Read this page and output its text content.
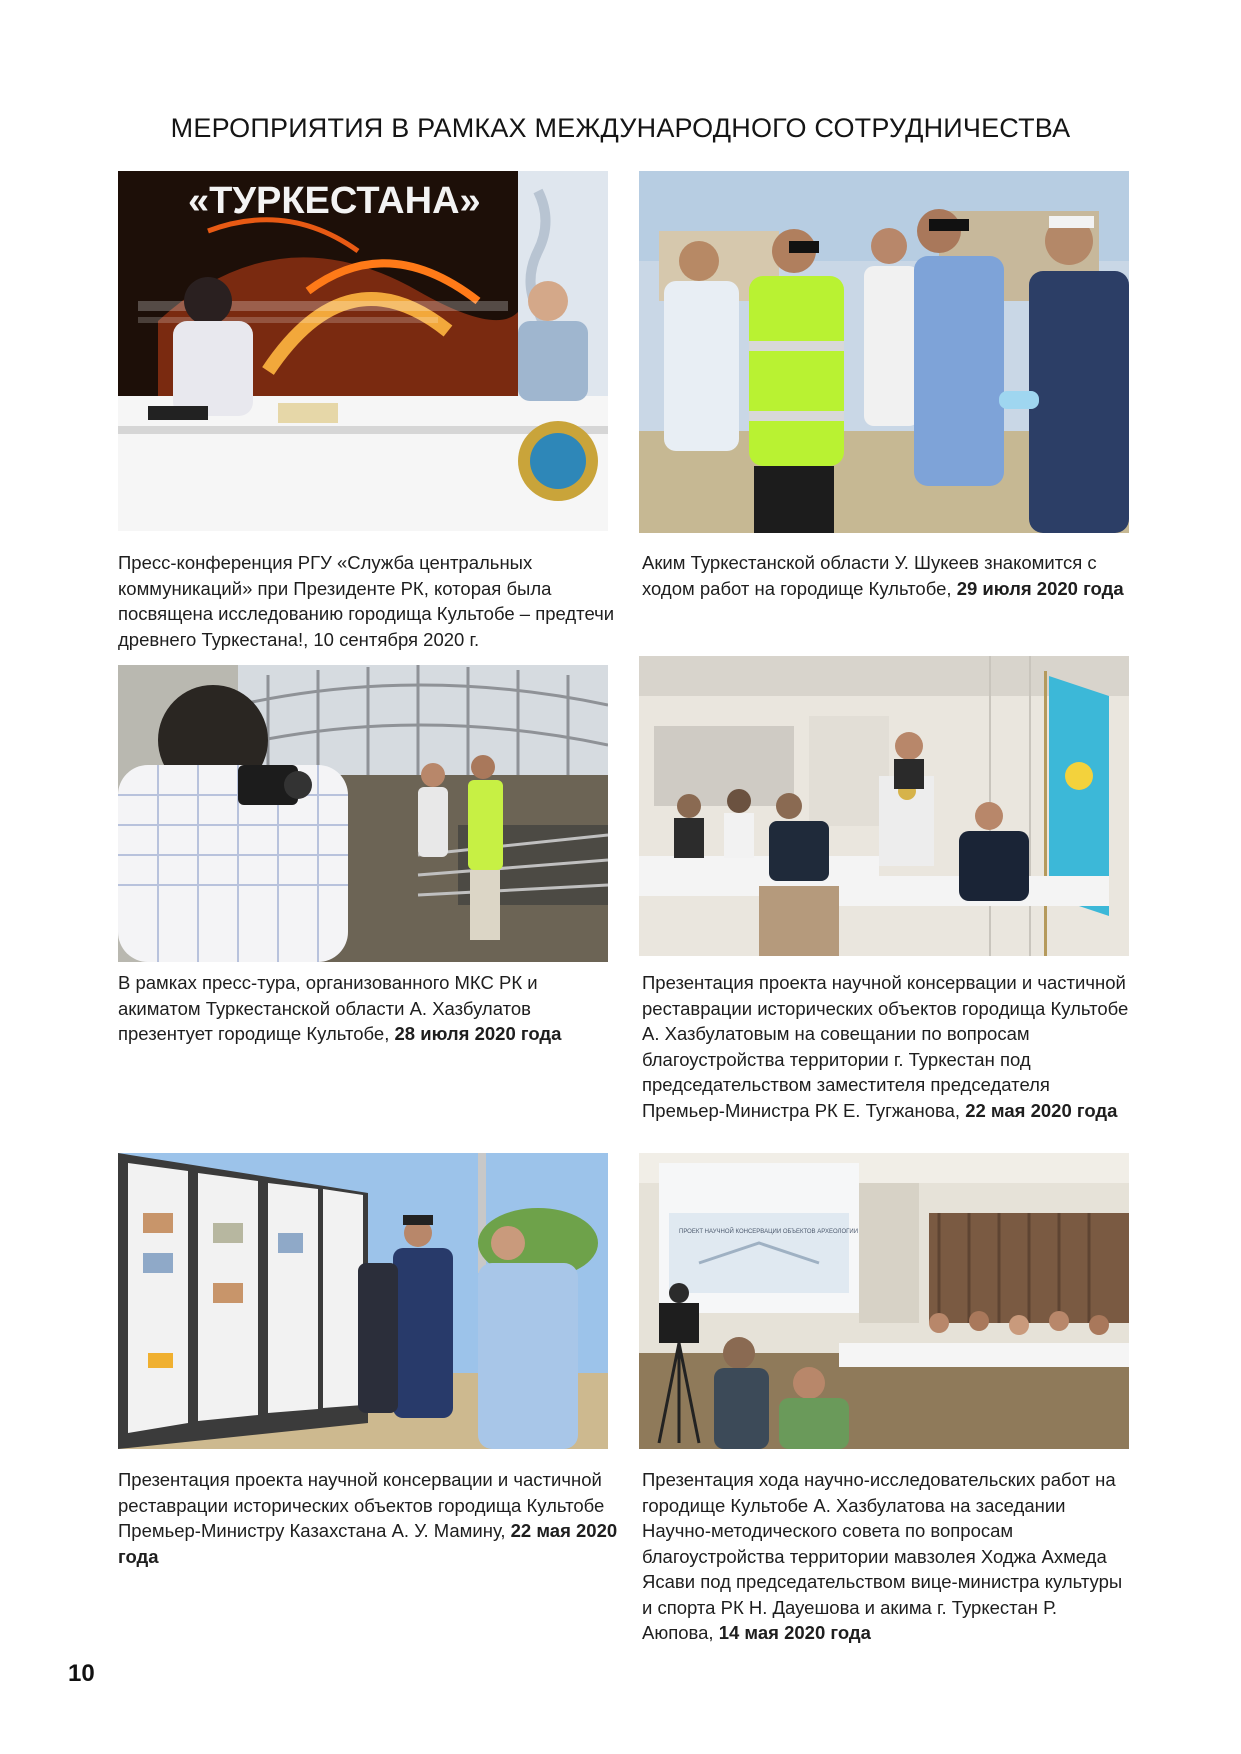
МЕРОПРИЯТИЯ В РАМКАХ МЕЖДУНАРОДНОГО СОТРУДНИЧЕСТВА
«ТУРКЕСТАНА»
ПРОЕКТ НАУЧНОЙ КОНСЕРВАЦИИ ОБЪЕКТОВ АРХЕОЛОГИИ
Пресс-конференция РГУ «Служба центральных коммуникаций» при Президенте РК, которая была посвящена исследованию городища Культобе – предтечи древнего Туркестана!, 10 сентября 2020 г.
Аким Туркестанской области У. Шукеев знакомится с ходом работ на городище Культобе, 29 июля 2020 года
В рамках пресс-тура, организованного МКС РК и акиматом Туркестанской области А. Хазбулатов презентует городище Культобе, 28 июля 2020 года
Презентация проекта научной консервации и частичной реставрации исторических объектов городища Культобе А. Хазбулатовым на совещании по вопросам благоустройства территории г. Туркестан под председательством заместителя председателя Премьер-Министра РК Е. Тугжанова, 22 мая 2020 года
Презентация проекта научной консервации и частичной реставрации исторических объектов городища Культобе Премьер-Министру Казахстана А. У. Мамину, 22 мая 2020 года
Презентация хода научно-исследовательских работ на городище Культобе А. Хазбулатова на заседании Научно-методического совета по вопросам благоустройства территории мавзолея Ходжа Ахмеда Ясави под председательством вице-министра культуры и спорта РК Н. Дауешова и акима г. Туркестан Р. Аюпова, 14 мая 2020 года
10
